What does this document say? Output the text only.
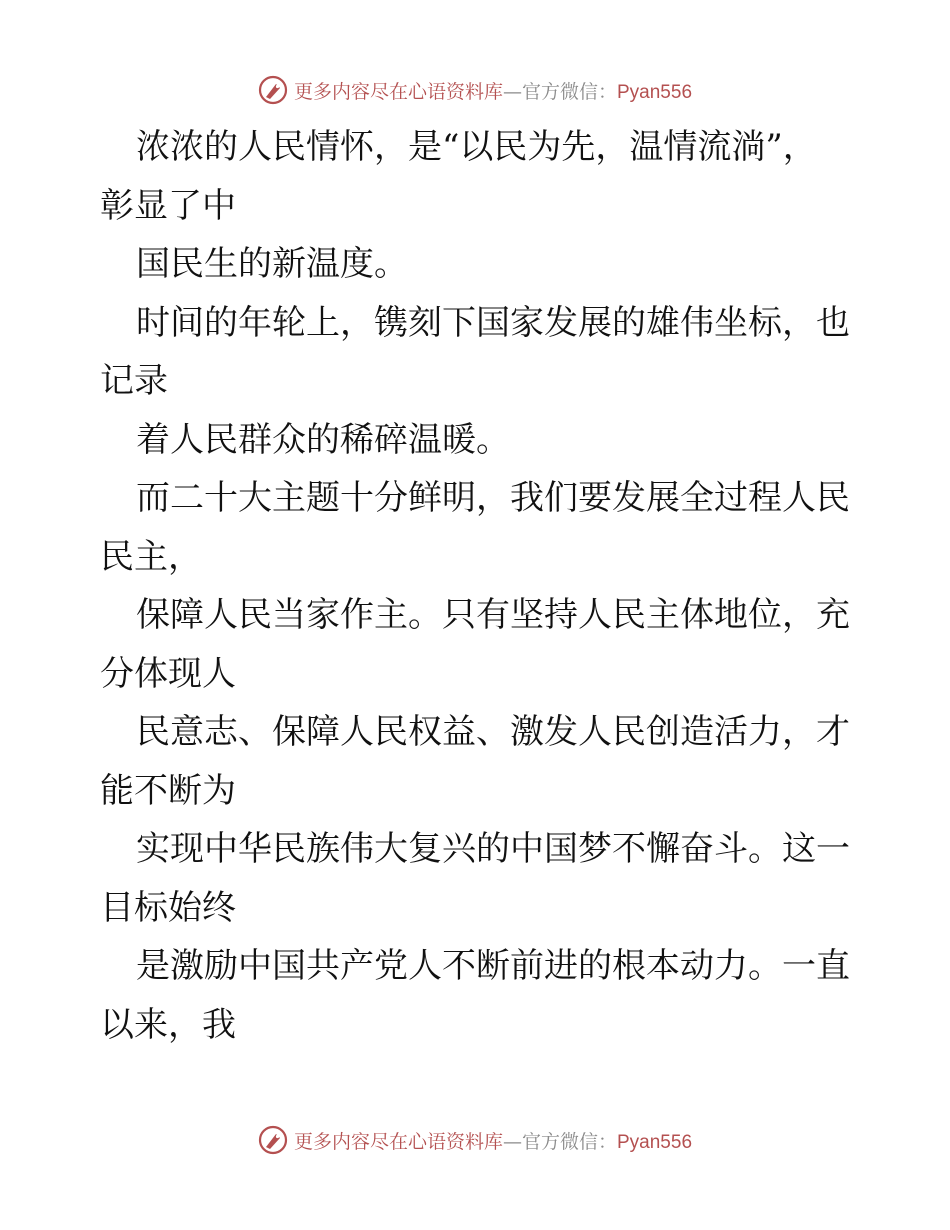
更多内容尽在心语资料库—官方微信：Pyan556
浓浓的人民情怀，是“以民为先，温情流淌”，
彰显了中
国民生的新温度。
时间的年轮上，镌刻下国家发展的雄伟坐标，也
记录
着人民群众的稀碎温暖。
而二十大主题十分鲜明，我们要发展全过程人民
民主，
保障人民当家作主。只有坚持人民主体地位，充
分体现人
民意志、保障人民权益、激发人民创造活力，才
能不断为
实现中华民族伟大复兴的中国梦不懈奋斗。这一
目标始终
是激励中国共产党人不断前进的根本动力。一直
以来，我
更多内容尽在心语资料库—官方微信：Pyan556
